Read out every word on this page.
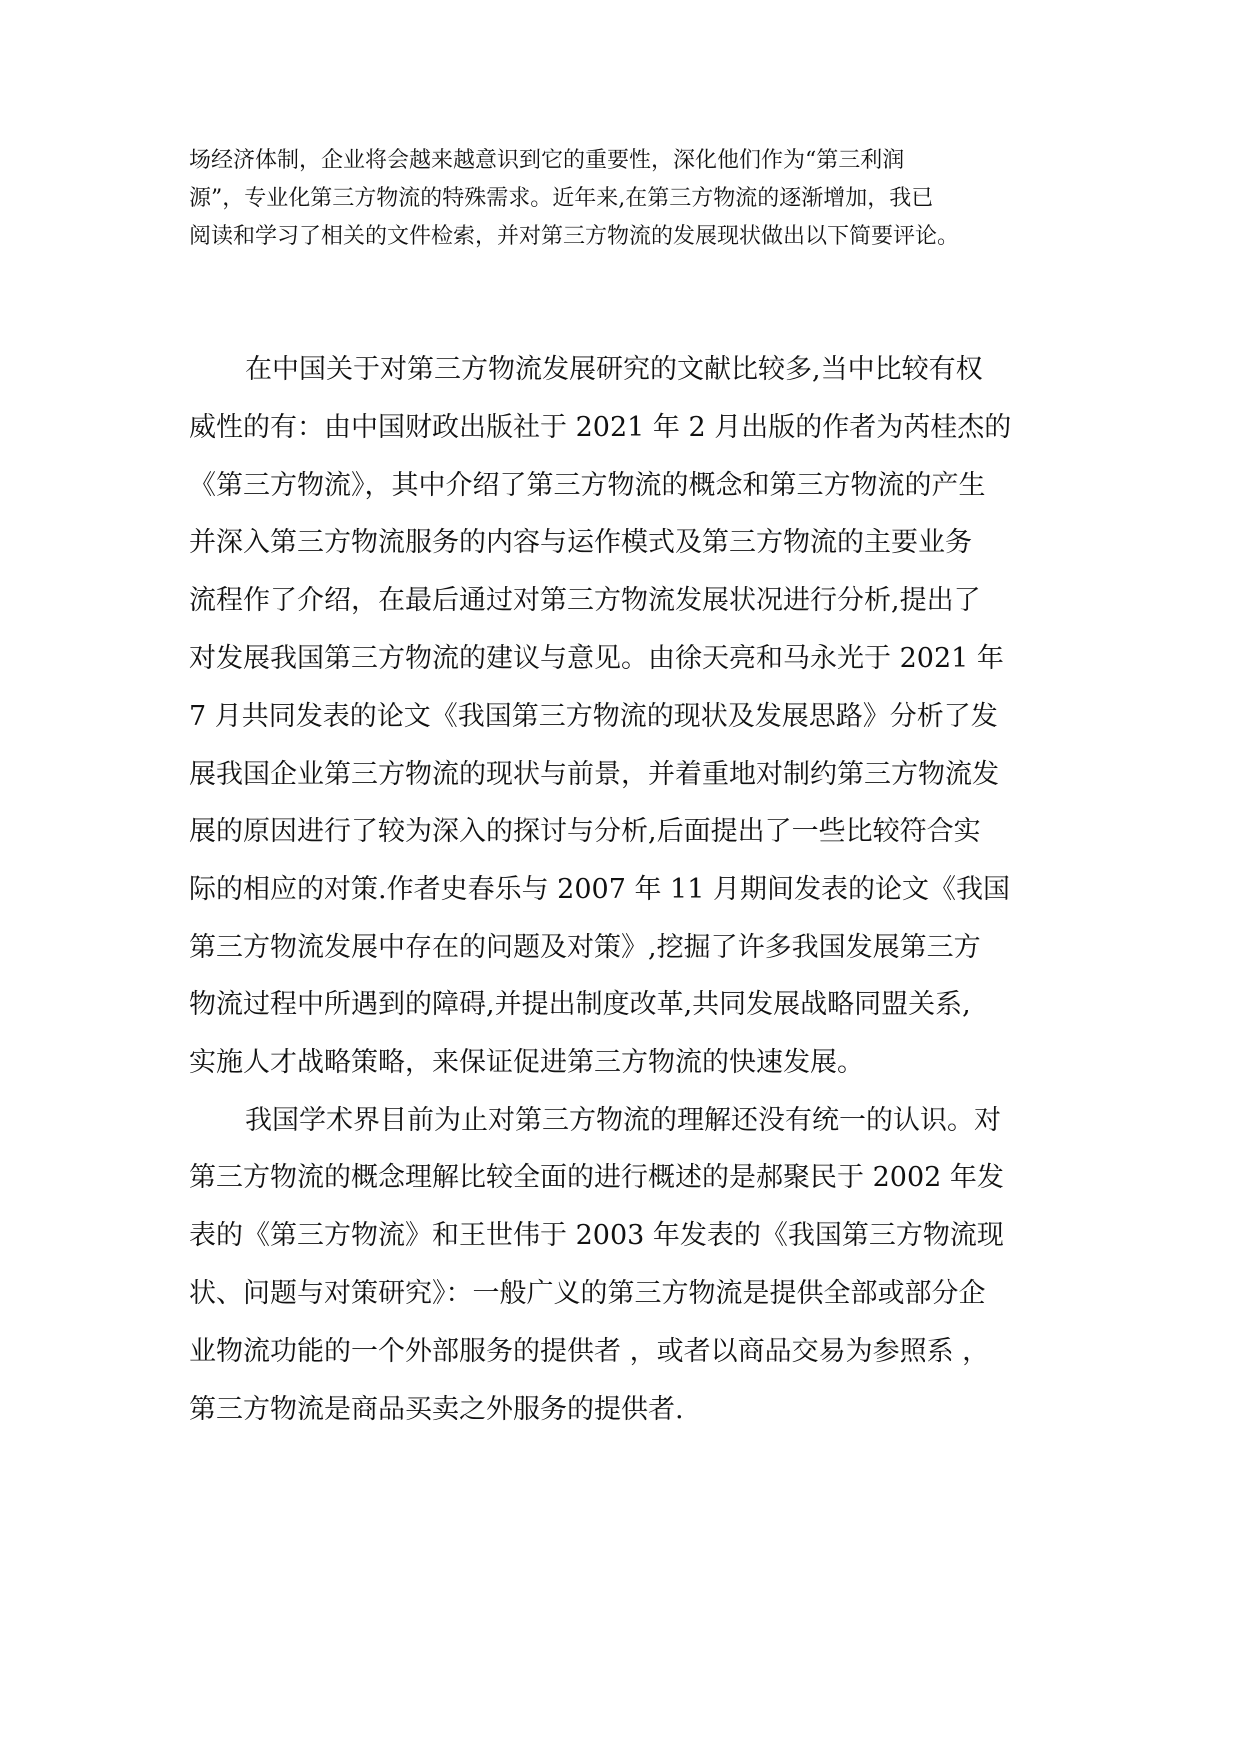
场经济体制，企业将会越来越意识到它的重要性，深化他们作为“第三利润
源”，专业化第三方物流的特殊需求。近年来,在第三方物流的逐渐增加，我已
阅读和学习了相关的文件检索，并对第三方物流的发展现状做出以下简要评论。
在中国关于对第三方物流发展研究的文献比较多,当中比较有权
威性的有：由中国财政出版社于 2021 年 2 月出版的作者为芮桂杰的
《第三方物流》，其中介绍了第三方物流的概念和第三方物流的产生
并深入第三方物流服务的内容与运作模式及第三方物流的主要业务
流程作了介绍，在最后通过对第三方物流发展状况进行分析,提出了
对发展我国第三方物流的建议与意见。由徐天亮和马永光于 2021 年
7 月共同发表的论文《我国第三方物流的现状及发展思路》分析了发
展我国企业第三方物流的现状与前景，并着重地对制约第三方物流发
展的原因进行了较为深入的探讨与分析,后面提出了一些比较符合实
际的相应的对策.作者史春乐与 2007 年 11 月期间发表的论文《我国
第三方物流发展中存在的问题及对策》,挖掘了许多我国发展第三方
物流过程中所遇到的障碍,并提出制度改革,共同发展战略同盟关系,
实施人才战略策略，来保证促进第三方物流的快速发展。
我国学术界目前为止对第三方物流的理解还没有统一的认识。对
第三方物流的概念理解比较全面的进行概述的是郝聚民于 2002 年发
表的《第三方物流》和王世伟于 2003 年发表的《我国第三方物流现
状、问题与对策研究》：一般广义的第三方物流是提供全部或部分企
业物流功能的一个外部服务的提供者 ，或者以商品交易为参照系 ，
第三方物流是商品买卖之外服务的提供者.
